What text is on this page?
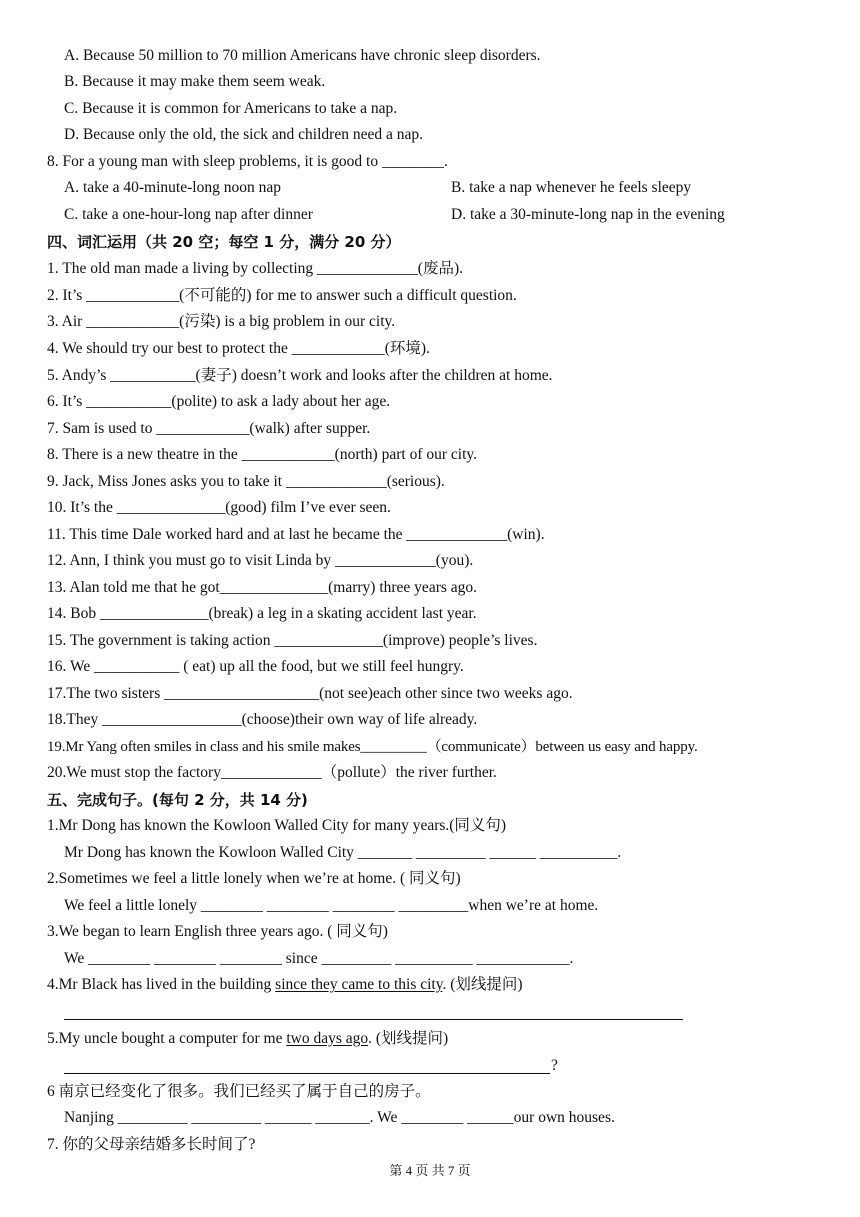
A. Because 50 million to 70 million Americans have chronic sleep disorders.
B. Because it may make them seem weak.
C. Because it is common for Americans to take a nap.
D. Because only the old, the sick and children need a nap.
8. For a young man with sleep problems, it is good to ________.
A. take a 40-minute-long noon nap	B. take a nap whenever he feels sleepy
C. take a one-hour-long nap after dinner	D. take a 30-minute-long nap in the evening
四、词汇运用（共 20 空；每空 1 分，满分 20 分）
1. The old man made a living by collecting _____________(废品).
2. It’s ____________(不可能的) for me to answer such a difficult question.
3. Air ____________(污染) is a big problem in our city.
4. We should try our best to protect the ____________(环境).
5. Andy’s ___________(妻子) doesn’t work and looks after the children at home.
6. It’s ___________(polite) to ask a lady about her age.
7. Sam is used to ____________(walk) after supper.
8. There is a new theatre in the ____________(north) part of our city.
9. Jack, Miss Jones asks you to take it _____________(serious).
10. It’s the ______________(good) film I’ve ever seen.
11. This time Dale worked hard and at last he became the _____________(win).
12. Ann, I think you must go to visit Linda by _____________(you).
13. Alan told me that he got______________(marry) three years ago.
14. Bob ______________(break) a leg in a skating accident last year.
15. The government is taking action ______________(improve) people’s lives.
16. We ___________ ( eat) up all the food, but we still feel hungry.
17.The two sisters ____________________(not see)each other since two weeks ago.
18.They __________________(choose)their own way of life already.
19.Mr Yang often smiles in class and his smile makes_________（communicate）between us easy and happy.
20.We must stop the factory_____________（pollute）the river further.
五、完成句子。(每句 2 分，共 14 分)
1.Mr Dong has known the Kowloon Walled City for many years.(同义句)
Mr Dong has known the Kowloon Walled City _______ _________ ______ __________.
2.Sometimes we feel a little lonely when we’re at home. ( 同义句)
We feel a little lonely ________ ________ ________ _________when we’re at home.
3.We began to learn English three years ago. ( 同义句)
We ________ ________ ________ since _________ __________ ____________.
4.Mr Black has lived in the building since they came to this city. (划线提问)
5.My uncle bought a computer for me two days ago. (划线提问)
?
6 南京已经变化了很多。我们已经买了属于自己的房子。
Nanjing _________ _________ ______ _______. We ________ ______our own houses.
7. 你的父母亲结婚多长时间了?
第 4 页 共 7 页
